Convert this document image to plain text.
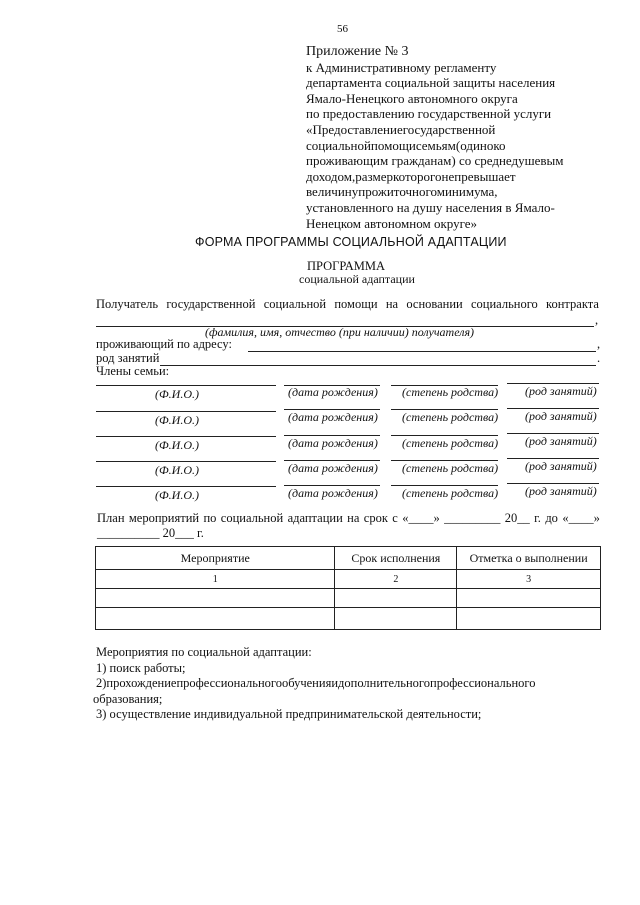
56
Приложение № 3
к Административному регламенту
департамента социальной защиты населения
Ямало-Ненецкого автономного округа
по предоставлению государственной услуги
«Предоставлениегосударственной
социальнойпомощисемьям(одиноко
проживающим гражданам) со среднедушевым
доходом,размеркоторогонепревышает
величинупрожиточногоминимума,
установленного на душу населения в Ямало-
Ненецком автономном округе»
ФОРМА ПРОГРАММЫ СОЦИАЛЬНОЙ АДАПТАЦИИ
ПРОГРАММА
социальной адаптации
Получатель государственной социальной помощи на основании социального контракта
,
(фамилия, имя, отчество (при наличии) получателя)
проживающий по адресу:	,
род занятий	.
Члены семьи:
(Ф.И.О.)	(дата рождения) (степень родства) (род занятий)
(Ф.И.О.)	(дата рождения) (степень родства) (род занятий)
(Ф.И.О.)	(дата рождения) (степень родства) (род занятий)
(Ф.И.О.)	(дата рождения) (степень родства) (род занятий)
(Ф.И.О.)	(дата рождения) (степень родства) (род занятий)
План мероприятий по социальной адаптации на срок с «____» _________ 20__ г. до «____»
__________ 20___ г.
Мероприятие	Срок исполнения	Отметка о выполнении
1	2	3

Мероприятия по социальной адаптации:
1) поиск работы;
2)прохождениепрофессиональногообученияидополнительногопрофессионального
образования;
3) осуществление индивидуальной предпринимательской деятельности;
